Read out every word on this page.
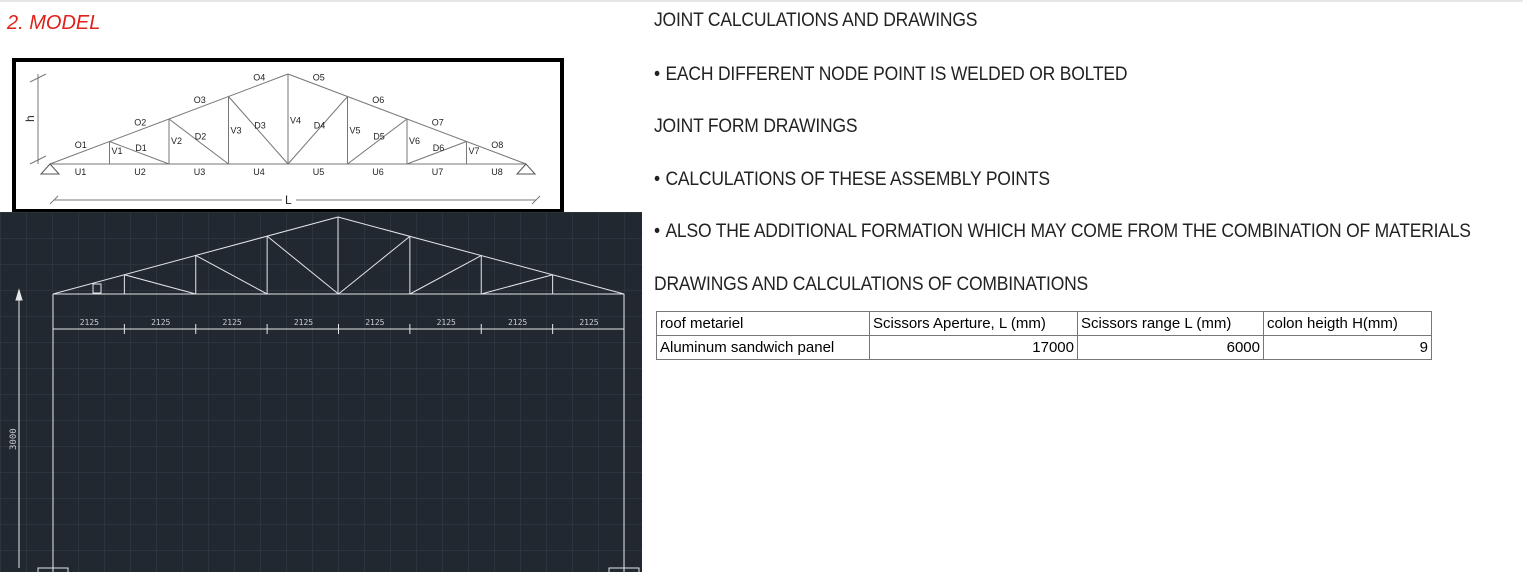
2. MODEL
h
L
O1
O2
O3
O4	O5
O6
O7
O8
U1	U2	U3	U4	U5	U6	U7	U8
V1
V2
V3
V4
V5
V6
V7
D1
D2
D3	D4
D5
D6
2125	2125	2125	2125	2125	2125	2125	2125
3000
JOINT CALCULATIONS AND DRAWINGS
• EACH DIFFERENT NODE POINT IS WELDED OR BOLTED
JOINT FORM DRAWINGS
• CALCULATIONS OF THESE ASSEMBLY POINTS
• ALSO THE ADDITIONAL FORMATION WHICH MAY COME FROM THE COMBINATION OF MATERIALS
DRAWINGS AND CALCULATIONS OF COMBINATIONS
roof metariel	Scissors Aperture, L (mm)	Scissors range L (mm)	colon heigth H(mm)
Aluminum sandwich panel	17000	6000	9
